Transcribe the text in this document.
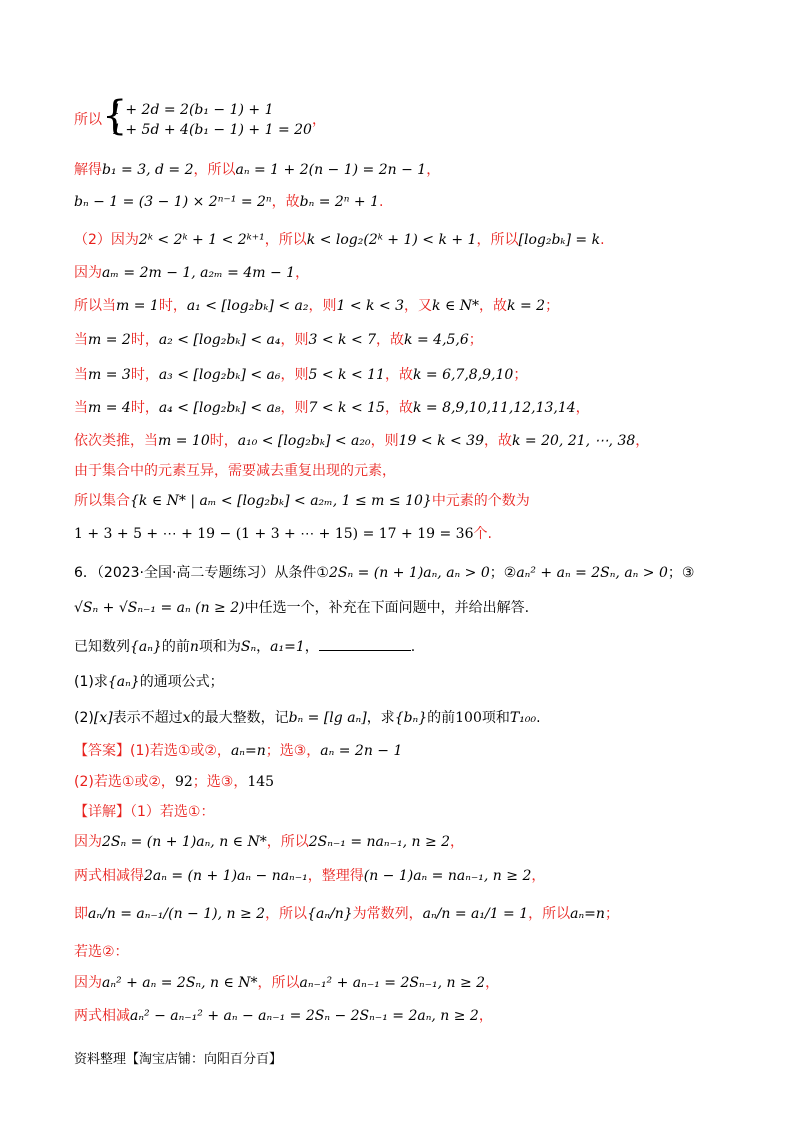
所以 {
1 + 2d = 2(b₁ − 1) + 1
1 + 5d + 4(b₁ − 1) + 1 = 20
，
解得b₁ = 3, d = 2，所以aₙ = 1 + 2(n − 1) = 2n − 1，
bₙ − 1 = (3 − 1) × 2ⁿ⁻¹ = 2ⁿ，故bₙ = 2ⁿ + 1.
（2）因为2ᵏ < 2ᵏ + 1 < 2ᵏ⁺¹，所以k < log₂(2ᵏ + 1) < k + 1，所以[log₂bₖ] = k.
因为aₘ = 2m − 1, a₂ₘ = 4m − 1，
所以当m = 1时，a₁ < [log₂bₖ] < a₂，则1 < k < 3，又k ∈ N*，故k = 2；
当m = 2时，a₂ < [log₂bₖ] < a₄，则3 < k < 7，故k = 4,5,6；
当m = 3时，a₃ < [log₂bₖ] < a₆，则5 < k < 11，故k = 6,7,8,9,10；
当m = 4时，a₄ < [log₂bₖ] < a₈，则7 < k < 15，故k = 8,9,10,11,12,13,14，
依次类推，当m = 10时，a₁₀ < [log₂bₖ] < a₂₀，则19 < k < 39，故k = 20, 21, ⋯, 38，
由于集合中的元素互异，需要减去重复出现的元素，
所以集合{k ∈ N* | aₘ < [log₂bₖ] < a₂ₘ, 1 ≤ m ≤ 10}中元素的个数为
1 + 3 + 5 + ⋯ + 19 − (1 + 3 + ⋯ + 15) = 17 + 19 = 36个.
6．（2023·全国·高二专题练习）从条件①2Sₙ = (n + 1)aₙ, aₙ > 0；②aₙ² + aₙ = 2Sₙ, aₙ > 0；③
√Sₙ + √Sₙ₋₁ = aₙ (n ≥ 2)中任选一个，补充在下面问题中，并给出解答.
已知数列{aₙ}的前n项和为Sₙ，a₁=1，	.
(1)求{aₙ}的通项公式；
(2)[x]表示不超过x的最大整数，记bₙ = [lg aₙ]，求{bₙ}的前100项和T₁₀₀.
【答案】(1)若选①或②，aₙ=n；选③，aₙ = 2n − 1
(2)若选①或②，92；选③，145
【详解】（1）若选①：
因为2Sₙ = (n + 1)aₙ, n ∈ N*，所以2Sₙ₋₁ = naₙ₋₁, n ≥ 2，
两式相减得2aₙ = (n + 1)aₙ − naₙ₋₁，整理得(n − 1)aₙ = naₙ₋₁, n ≥ 2，
即aₙ/n = aₙ₋₁/(n − 1), n ≥ 2，所以{aₙ/n}为常数列，aₙ/n = a₁/1 = 1，所以aₙ=n；
若选②：
因为aₙ² + aₙ = 2Sₙ, n ∈ N*，所以aₙ₋₁² + aₙ₋₁ = 2Sₙ₋₁, n ≥ 2，
两式相减aₙ² − aₙ₋₁² + aₙ − aₙ₋₁ = 2Sₙ − 2Sₙ₋₁ = 2aₙ, n ≥ 2，
资料整理【淘宝店铺：向阳百分百】
